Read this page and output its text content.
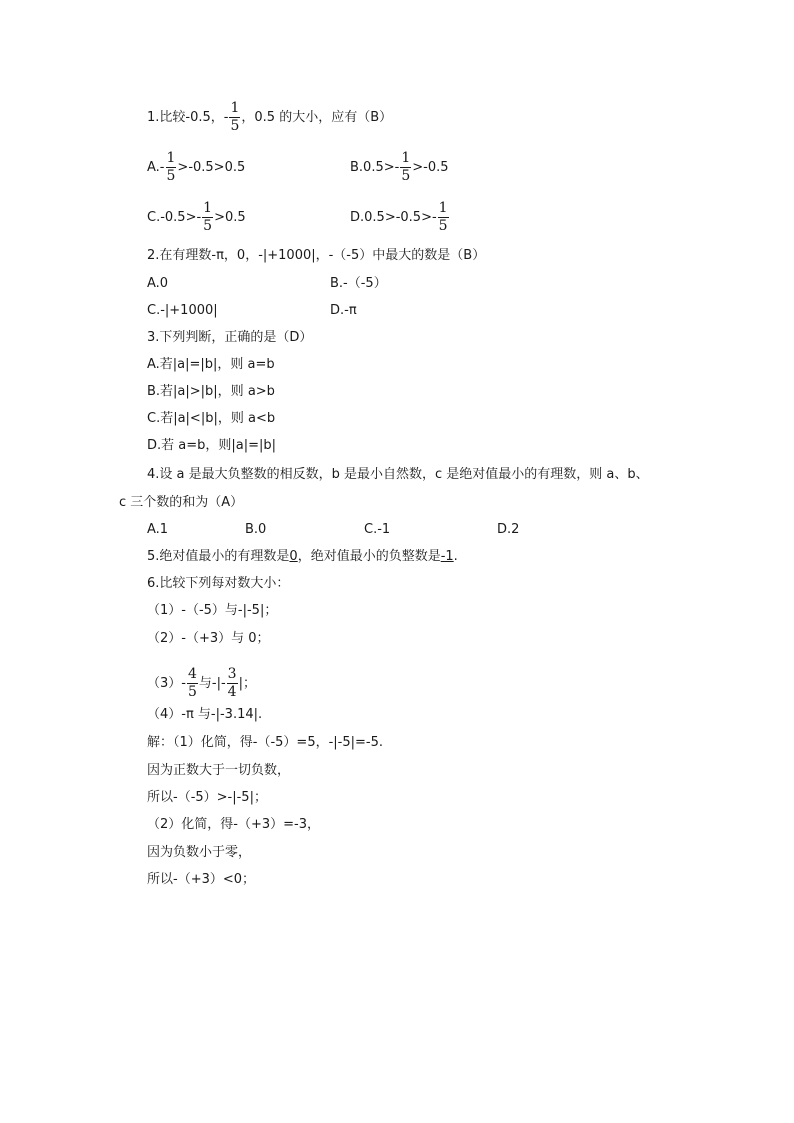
1.比较-0.5，- $\frac{1}{5}$ ，0.5 的大小，应有（B）
$A.- \frac{1}{5} >-0.5>0.5$	$B.0.5>- \frac{1}{5} >-0.5$
$C.-0.5>- \frac{1}{5} >0.5$	$D.0.5>-0.5>- \frac{1}{5}$
2.在有理数-π，0，-|+1000|，-（-5）中最大的数是（B）
A.0	B.-（-5）
C.-|+1000|	D.-π
3.下列判断，正确的是（D）
A.若|a|=|b|，则 a=b
B.若|a|>|b|，则 a>b
C.若|a|<|b|，则 a<b
D.若 a=b，则|a|=|b|
4.设 a 是最大负整数的相反数，b 是最小自然数，c 是绝对值最小的有理数，则 a、b、
c 三个数的和为（A）
A.1	B.0	C.-1	D.2
5.绝对值最小的有理数是0，绝对值最小的负整数是-1.
6.比较下列每对数大小：
（1）-（-5）与-|-5|；
（2）-（+3）与 0；
$(3)- \frac{4}{5}$ 与-|- $\frac{3}{4}$ |；
（4）-π 与-|-3.14|.
解：（1）化简，得-（-5）=5，-|-5|=-5.
因为正数大于一切负数，
所以-（-5）>-|-5|；
（2）化简，得-（+3）=-3，
因为负数小于零，
所以-（+3）<0；
